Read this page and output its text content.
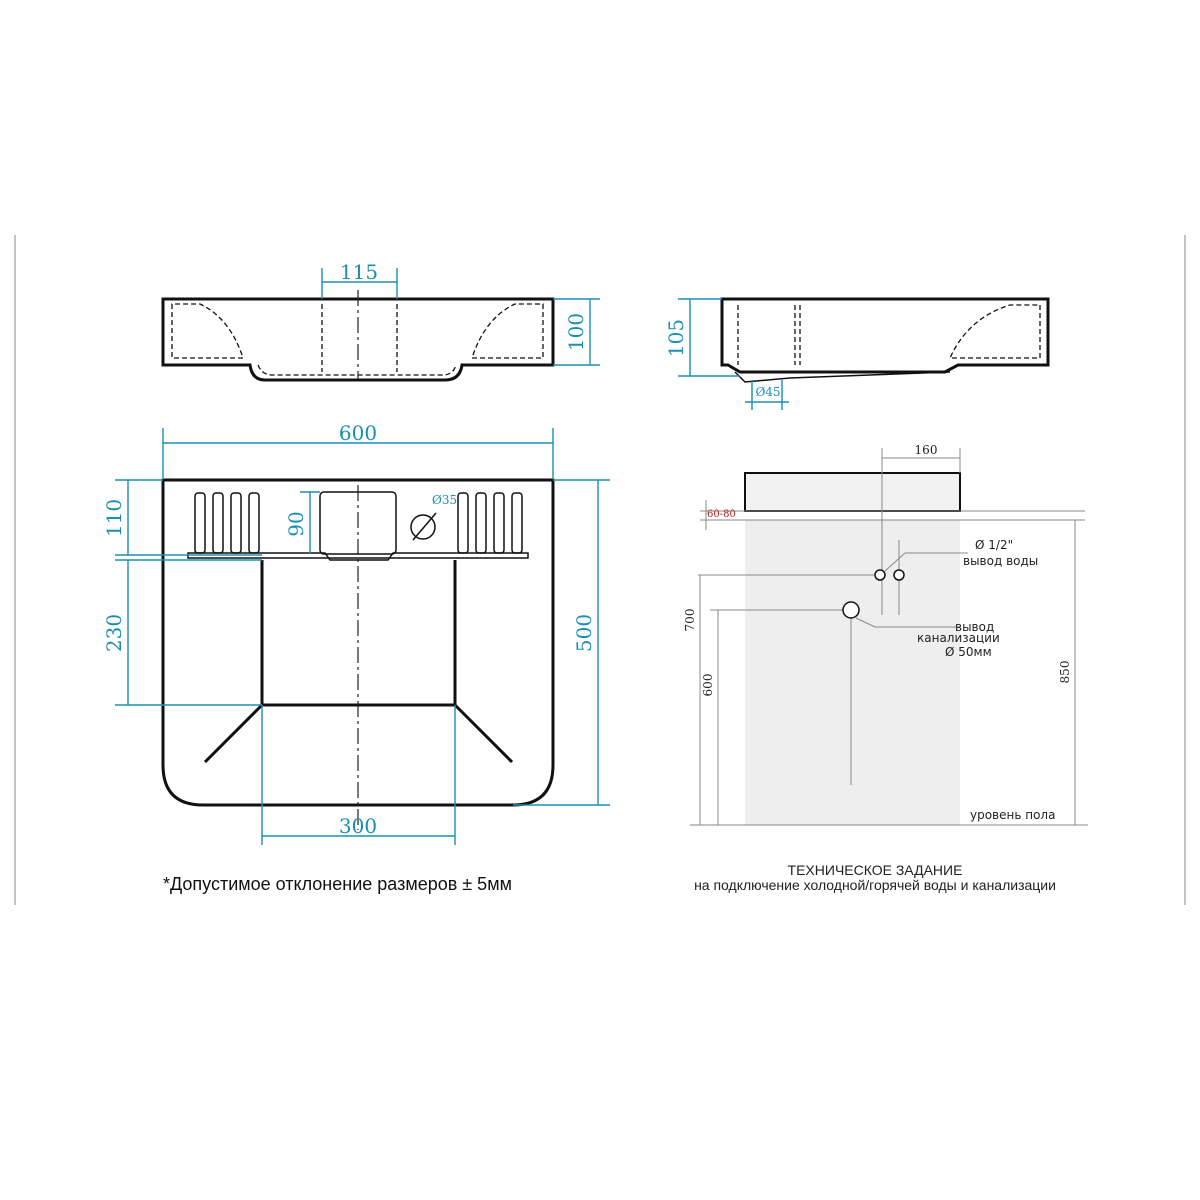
115
100	105
Ø45
600
Ø35
110	90
230	500
300	уровень пола
160
60-80
Ø 1/2"
вывод воды
вывод
канализации
Ø 50мм
700
600
850
*Допустимое отклонение размеров ± 5мм
ТЕХНИЧЕСКОЕ ЗАДАНИЕ
на подключение холодной/горячей воды и канализации
